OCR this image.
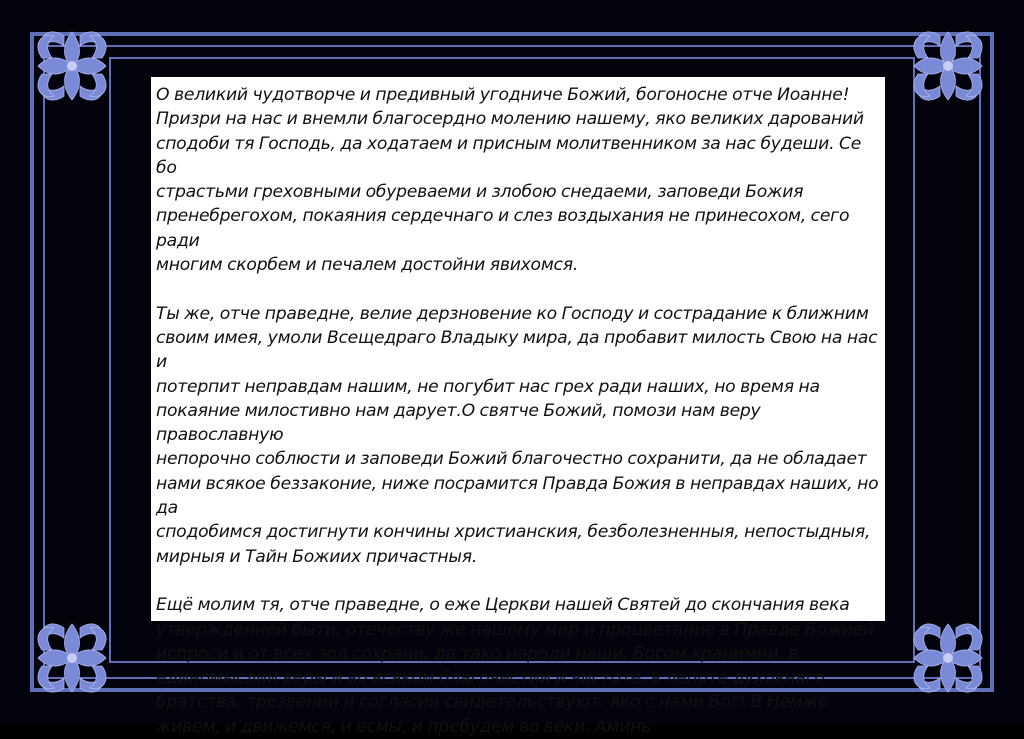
О великий чудотворче и предивный угодниче Божий, богоносне отче Иоанне!
Призри на нас и внемли благосердно молению нашему, яко великих дарований
сподоби тя Господь, да ходатаем и присным молитвенником за нас будеши. Се бо
страстьми греховными обуреваеми и злобою снедаеми, заповеди Божия
пренебрегохом, покаяния сердечнаго и слез воздыхания не принесохом, сего ради
многим скорбем и печалем достойни явихомся.

Ты же, отче праведне, велие дерзновение ко Господу и сострадание к ближним
своим имея, умоли Всещедраго Владыку мира, да пробавит милость Свою на нас и
потерпит неправдам нашим, не погубит нас грех ради наших, но время на
покаяние милостивно нам дарует.О святче Божий, помози нам веру православную
непорочно соблюсти и заповеди Божий благочестно сохранити, да не обладает
нами всякое беззаконие, ниже посрамится Правда Божия в неправдах наших, но да
сподобимся достигнути кончины христианския, безболезненныя, непостыдныя,
мирныя и Тайн Божиих причастныя.

Ещё молим тя, отче праведне, о еже Церкви нашей Святей до скончания века
утвержденней быти, отечеству же нашему мир и процветание в Правде Божией
испроси и от всех зол сохрани, да тако народи наши, Богом хранимии, в
единомыслии веры и во всяком благочестии и чистоте, в лепоте духовнаго
братства, трезвении и согласии свидетельствуют: яко с нами Бог! В Немже
живем, и движемся, и есмы, и пребудем во веки. Аминь
